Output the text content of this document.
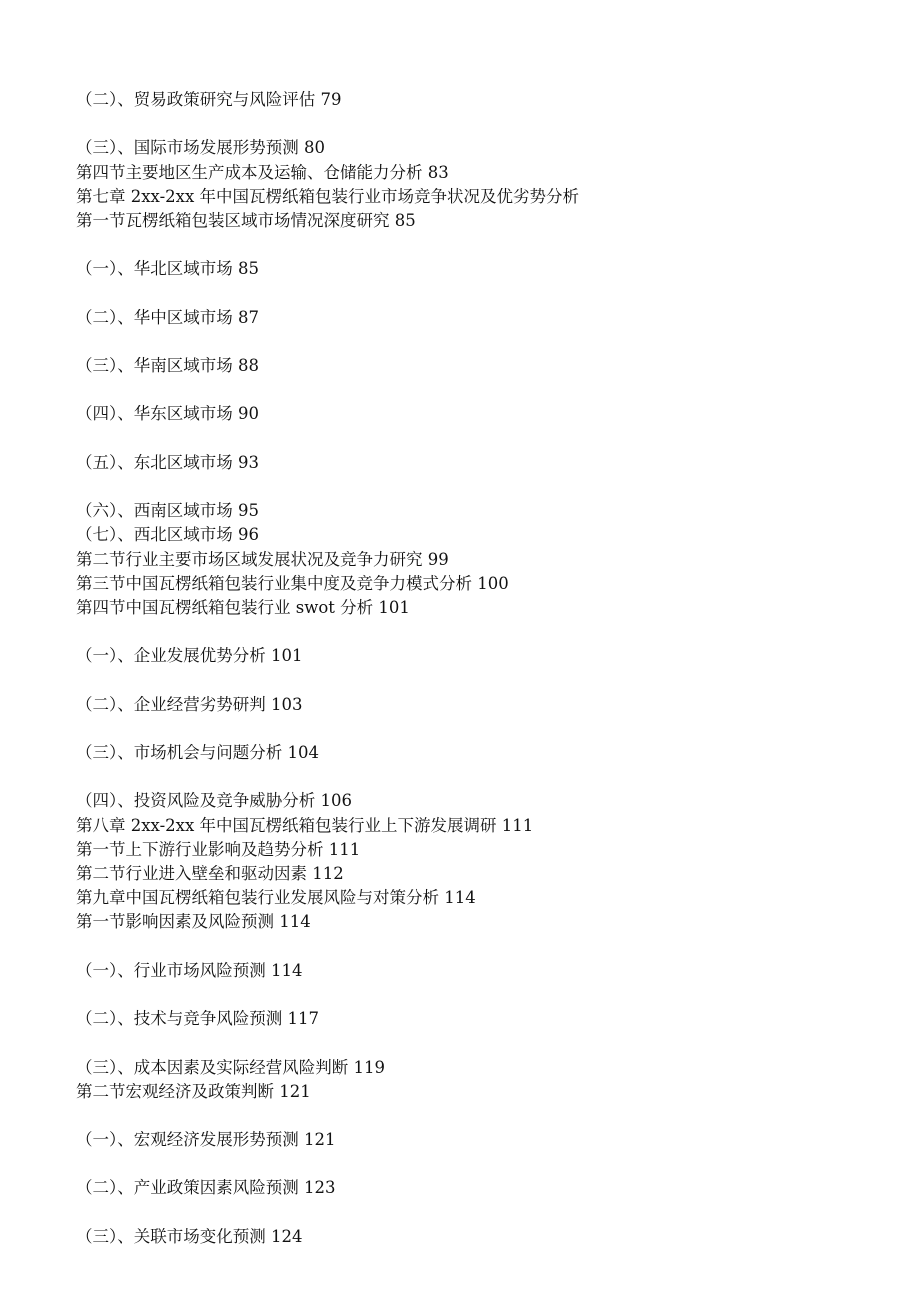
（二）、贸易政策研究与风险评估 79
（三）、国际市场发展形势预测 80
第四节主要地区生产成本及运输、仓储能力分析 83
第七章 2xx-2xx 年中国瓦楞纸箱包装行业市场竞争状况及优劣势分析
第一节瓦楞纸箱包装区域市场情况深度研究 85
（一）、华北区域市场 85
（二）、华中区域市场 87
（三）、华南区域市场 88
（四）、华东区域市场 90
（五）、东北区域市场 93
（六）、西南区域市场 95
（七）、西北区域市场 96
第二节行业主要市场区域发展状况及竞争力研究 99
第三节中国瓦楞纸箱包装行业集中度及竞争力模式分析 100
第四节中国瓦楞纸箱包装行业 swot 分析 101
（一）、企业发展优势分析 101
（二）、企业经营劣势研判 103
（三）、市场机会与问题分析 104
（四）、投资风险及竞争威胁分析 106
第八章 2xx-2xx 年中国瓦楞纸箱包装行业上下游发展调研 111
第一节上下游行业影响及趋势分析 111
第二节行业进入壁垒和驱动因素 112
第九章中国瓦楞纸箱包装行业发展风险与对策分析 114
第一节影响因素及风险预测 114
（一）、行业市场风险预测 114
（二）、技术与竞争风险预测 117
（三）、成本因素及实际经营风险判断 119
第二节宏观经济及政策判断 121
（一）、宏观经济发展形势预测 121
（二）、产业政策因素风险预测 123
（三）、关联市场变化预测 124
